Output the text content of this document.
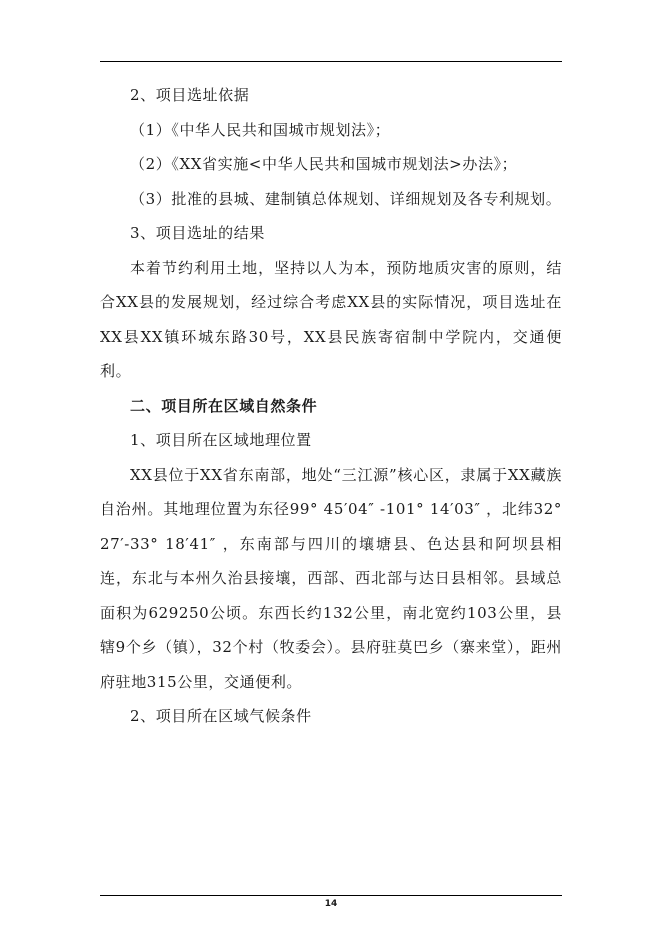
2、项目选址依据

（1）《中华人民共和国城市规划法》；

（2）《XX省实施<中华人民共和国城市规划法>办法》；

（3）批准的县城、建制镇总体规划、详细规划及各专利规划。

3、项目选址的结果

本着节约利用土地，坚持以人为本，预防地质灾害的原则，结合XX县的发展规划，经过综合考虑XX县的实际情况，项目选址在XX县XX镇环城东路30号，XX县民族寄宿制中学院内，交通便利。

二、项目所在区域自然条件

1、项目所在区域地理位置

XX县位于XX省东南部，地处“三江源”核心区，隶属于XX藏族自治州。其地理位置为东径99° 45′04″ -101° 14′03″ ，北纬32° 27′-33° 18′41″ ，东南部与四川的壤塘县、色达县和阿坝县相连，东北与本州久治县接壤，西部、西北部与达日县相邻。县域总面积为629250公顷。东西长约132公里，南北宽约103公里，县辖9个乡（镇），32个村（牧委会）。县府驻莫巴乡（寨来堂），距州府驻地315公里，交通便利。

2、项目所在区域气候条件

14
